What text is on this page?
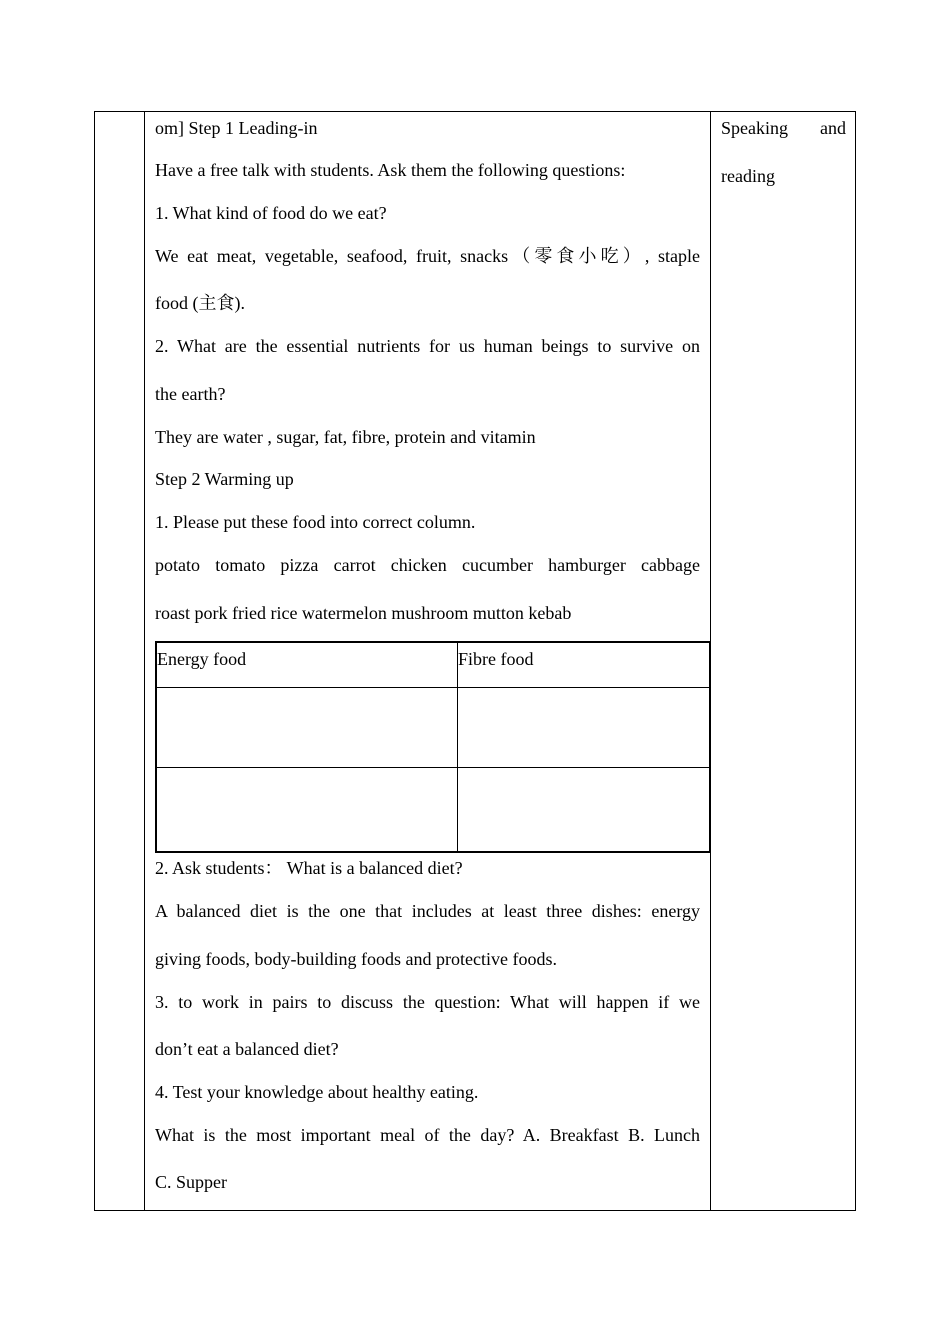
om] Step 1 Leading-in
Have a free talk with students. Ask them the following questions:
1. What kind of food do we eat?
We eat meat, vegetable, seafood, fruit, snacks（零食小吃）, staple
food (主食).
2. What are the essential nutrients for us human beings to survive on
the earth?
They are water , sugar, fat, fibre, protein and vitamin
Step 2 Warming up
1. Please put these food into correct column.
potato tomato pizza carrot chicken cucumber hamburger cabbage
roast pork fried rice watermelon mushroom mutton kebab
2. Ask students： What is a balanced diet?
A balanced diet is the one that includes at least three dishes: energy
giving foods, body-building foods and protective foods.
3. to work in pairs to discuss the question: What will happen if we
don’t eat a balanced diet?
4. Test your knowledge about healthy eating.
What is the most important meal of the day? A. Breakfast B. Lunch
C. Supper
Energy food	Fibre food
Speaking and
reading
